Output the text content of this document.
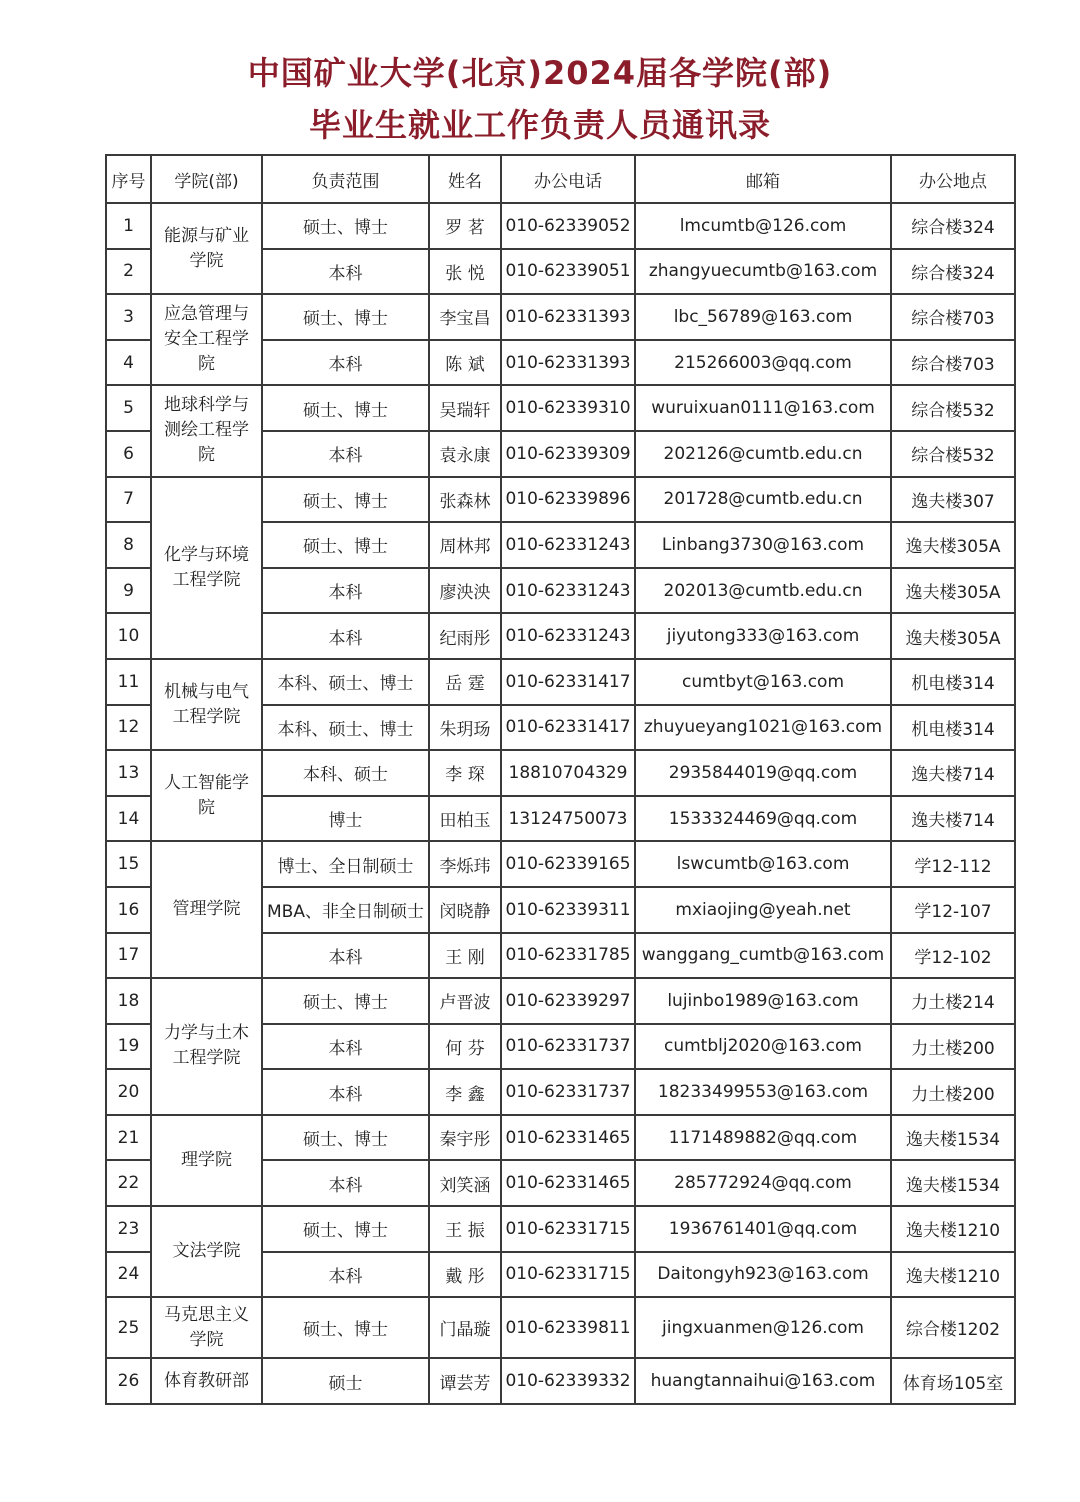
中国矿业大学(北京)2024届各学院(部)
毕业生就业工作负责人员通讯录
序号	学院(部)	负责范围	姓名	办公电话	邮箱	办公地点
1	能源与矿业学院	硕士、博士	罗 茗	010-62339052	lmcumtb@126.com	综合楼324
2		本科	张 悦	010-62339051	zhangyuecumtb@163.com	综合楼324
3	应急管理与安全工程学院	硕士、博士	李宝昌	010-62331393	lbc_56789@163.com	综合楼703
4		本科	陈 斌	010-62331393	215266003@qq.com	综合楼703
5	地球科学与测绘工程学院	硕士、博士	吴瑞轩	010-62339310	wuruixuan0111@163.com	综合楼532
6		本科	袁永康	010-62339309	202126@cumtb.edu.cn	综合楼532
7	化学与环境工程学院	硕士、博士	张森林	010-62339896	201728@cumtb.edu.cn	逸夫楼307
8		硕士、博士	周林邦	010-62331243	Linbang3730@163.com	逸夫楼305A
9		本科	廖泱泱	010-62331243	202013@cumtb.edu.cn	逸夫楼305A
10		本科	纪雨彤	010-62331243	jiyutong333@163.com	逸夫楼305A
11	机械与电气工程学院	本科、硕士、博士	岳 霆	010-62331417	cumtbyt@163.com	机电楼314
12		本科、硕士、博士	朱玥玚	010-62331417	zhuyueyang1021@163.com	机电楼314
13	人工智能学院	本科、硕士	李 琛	18810704329	2935844019@qq.com	逸夫楼714
14		博士	田柏玉	13124750073	1533324469@qq.com	逸夫楼714
15	管理学院	博士、全日制硕士	李烁玮	010-62339165	lswcumtb@163.com	学12-112
16		MBA、非全日制硕士	闵晓静	010-62339311	mxiaojing@yeah.net	学12-107
17		本科	王 刚	010-62331785	wanggang_cumtb@163.com	学12-102
18	力学与土木工程学院	硕士、博士	卢晋波	010-62339297	lujinbo1989@163.com	力土楼214
19		本科	何 芬	010-62331737	cumtblj2020@163.com	力土楼200
20		本科	李 鑫	010-62331737	18233499553@163.com	力土楼200
21	理学院	硕士、博士	秦宇彤	010-62331465	1171489882@qq.com	逸夫楼1534
22		本科	刘笑涵	010-62331465	285772924@qq.com	逸夫楼1534
23	文法学院	硕士、博士	王 振	010-62331715	1936761401@qq.com	逸夫楼1210
24		本科	戴 彤	010-62331715	Daitongyh923@163.com	逸夫楼1210
25	马克思主义学院	硕士、博士	门晶璇	010-62339811	jingxuanmen@126.com	综合楼1202
26	体育教研部	硕士	谭芸芳	010-62339332	huangtannaihui@163.com	体育场105室
